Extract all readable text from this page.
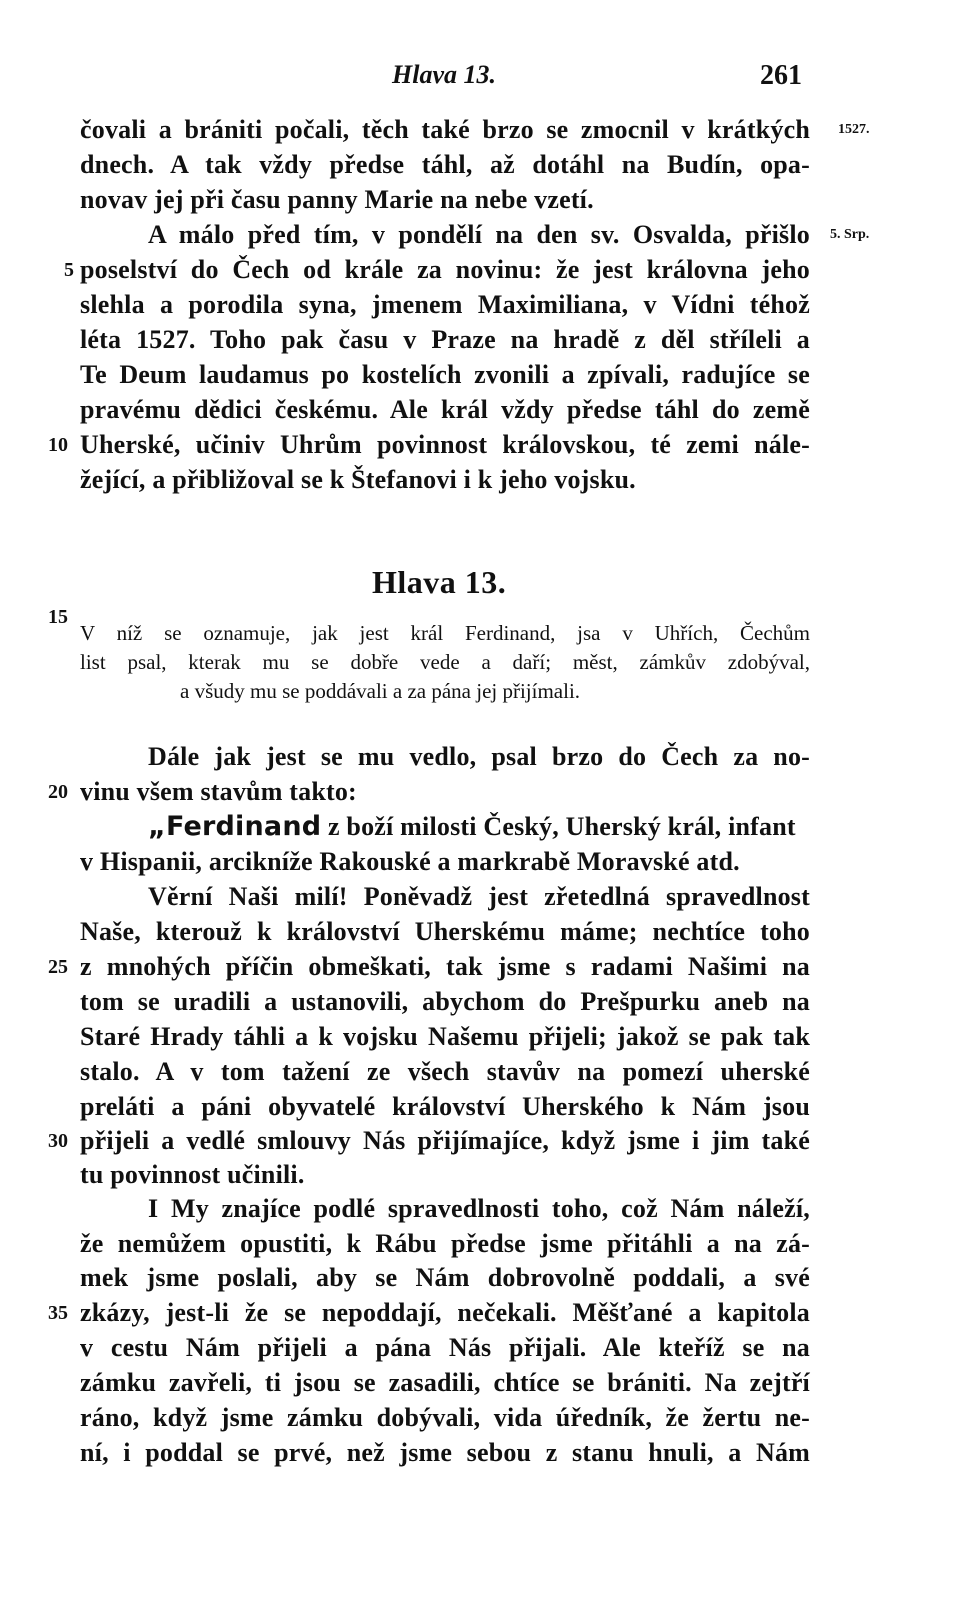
Hlava 13.	261
1527.
5. Srp.
5
10
15
20
25
30
35
čovali a brániti počali, těch také brzo se zmocnil v krátkých
dnech. A tak vždy předse táhl, až dotáhl na Budín, opa-
novav jej při času panny Marie na nebe vzetí.
A málo před tím, v pondělí na den sv. Osvalda, přišlo
poselství do Čech od krále za novinu: že jest královna jeho
slehla a porodila syna, jmenem Maximiliana, v Vídni téhož
léta 1527. Toho pak času v Praze na hradě z děl stříleli a
Te Deum laudamus po kostelích zvonili a zpívali, radujíce se
pravému dědici českému. Ale král vždy předse táhl do země
Uherské, učiniv Uhrům povinnost královskou, té zemi nále-
žející, a přibližoval se k Štefanovi i k jeho vojsku.
Hlava 13.
V níž se oznamuje, jak jest král Ferdinand, jsa v Uhřích, Čechům
list psal, kterak mu se dobře vede a daří; měst, zámkův zdobýval,
a všudy mu se poddávali a za pána jej přijímali.
Dále jak jest se mu vedlo, psal brzo do Čech za no-
vinu všem stavům takto:
„Ferdinand z boží milosti Český, Uherský král, infant
v Hispanii, arcikníže Rakouské a markrabě Moravské atd.
Věrní Naši milí! Poněvadž jest zřetedlná spravedlnost
Naše, kterouž k království Uherskému máme; nechtíce toho
z mnohých příčin obmeškati, tak jsme s radami Našimi na
tom se uradili a ustanovili, abychom do Prešpurku aneb na
Staré Hrady táhli a k vojsku Našemu přijeli; jakož se pak tak
stalo. A v tom tažení ze všech stavův na pomezí uherské
preláti a páni obyvatelé království Uherského k Nám jsou
přijeli a vedlé smlouvy Nás přijímajíce, když jsme i jim také
tu povinnost učinili.
I My znajíce podlé spravedlnosti toho, což Nám náleží,
že nemůžem opustiti, k Rábu předse jsme přitáhli a na zá-
mek jsme poslali, aby se Nám dobrovolně poddali, a své
zkázy, jest-li že se nepoddají, nečekali. Měšťané a kapitola
v cestu Nám přijeli a pána Nás přijali. Ale kteříž se na
zámku zavřeli, ti jsou se zasadili, chtíce se brániti. Na zejtří
ráno, když jsme zámku dobývali, vida úředník, že žertu ne-
ní, i poddal se prvé, než jsme sebou z stanu hnuli, a Nám
